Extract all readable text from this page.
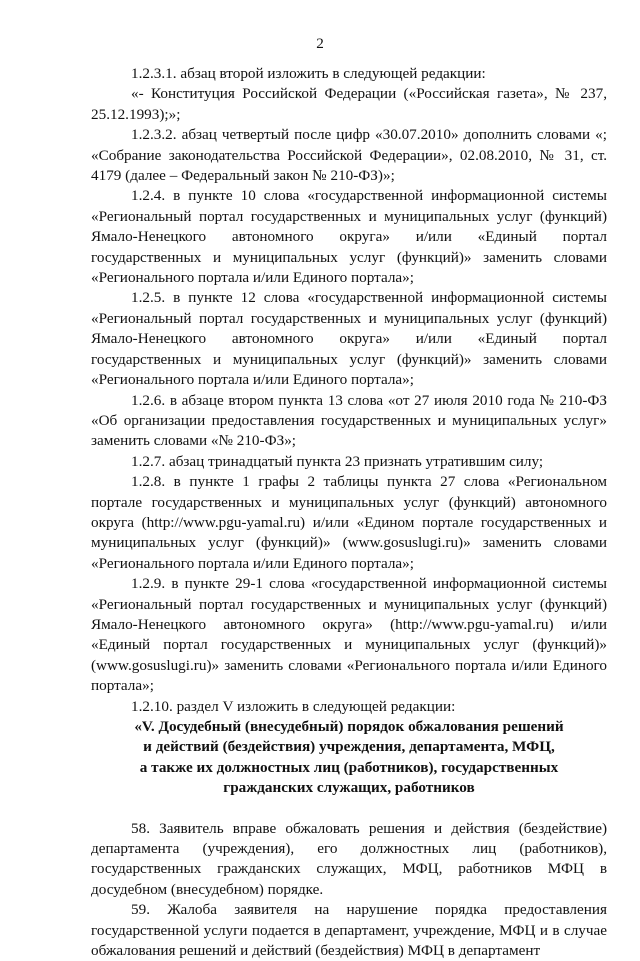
2

1.2.3.1. абзац второй изложить в следующей редакции:

«- Конституция Российской Федерации («Российская газета», № 237, 25.12.1993);»;

1.2.3.2. абзац четвертый после цифр «30.07.2010» дополнить словами «; «Собрание законодательства Российской Федерации», 02.08.2010, № 31, ст. 4179 (далее – Федеральный закон № 210-ФЗ)»;

1.2.4. в пункте 10 слова «государственной информационной системы «Региональный портал государственных и муниципальных услуг (функций) Ямало-Ненецкого автономного округа» и/или «Единый портал государственных и муниципальных услуг (функций)» заменить словами «Регионального портала и/или Единого портала»;

1.2.5. в пункте 12 слова «государственной информационной системы «Региональный портал государственных и муниципальных услуг (функций) Ямало-Ненецкого автономного округа» и/или «Единый портал государственных и муниципальных услуг (функций)» заменить словами «Регионального портала и/или Единого портала»;

1.2.6. в абзаце втором пункта 13 слова «от 27 июля 2010 года № 210-ФЗ «Об организации предоставления государственных и муниципальных услуг» заменить словами «№ 210-ФЗ»;

1.2.7. абзац тринадцатый пункта 23 признать утратившим силу;

1.2.8. в пункте 1 графы 2 таблицы пункта 27 слова «Региональном портале государственных и муниципальных услуг (функций) автономного округа (http://www.pgu-yamal.ru) и/или «Едином портале государственных и муниципальных услуг (функций)» (www.gosuslugi.ru)» заменить словами «Регионального портала и/или Единого портала»;

1.2.9. в пункте 29-1 слова «государственной информационной системы «Региональный портал государственных и муниципальных услуг (функций) Ямало-Ненецкого автономного округа» (http://www.pgu-yamal.ru) и/или «Единый портал государственных и муниципальных услуг (функций)» (www.gosuslugi.ru)» заменить словами «Регионального портала и/или Единого портала»;

1.2.10. раздел V изложить в следующей редакции:

«V. Досудебный (внесудебный) порядок обжалования решений

и действий (бездействия) учреждения, департамента, МФЦ,

а также их должностных лиц (работников), государственных

гражданских служащих, работников

58. Заявитель вправе обжаловать решения и действия (бездействие) департамента (учреждения), его должностных лиц (работников), государственных гражданских служащих, МФЦ, работников МФЦ в досудебном (внесудебном) порядке.

59. Жалоба заявителя на нарушение порядка предоставления государственной услуги подается в департамент, учреждение, МФЦ и в случае обжалования решений и действий (бездействия) МФЦ в департамент
